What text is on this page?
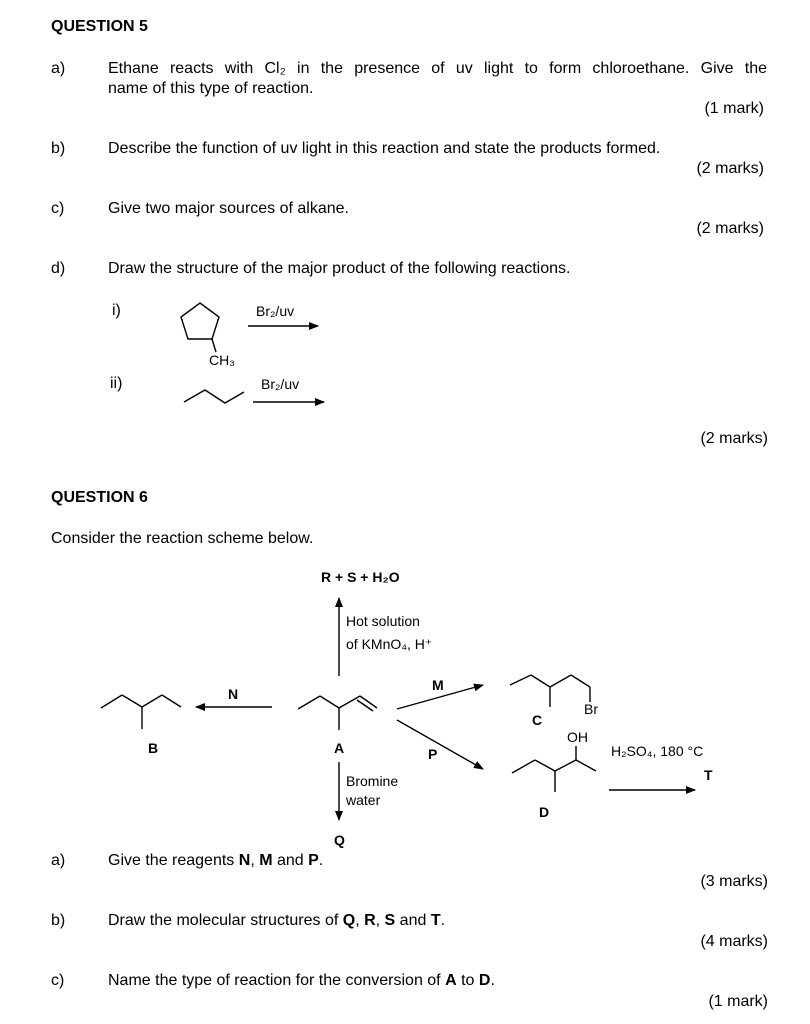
QUESTION 5
a)	Ethane reacts with Cl₂ in the presence of uv light to form chloroethane. Give the
name of this type of reaction.
(1 mark)
b)	Describe the function of uv light in this reaction and state the products formed.
(2 marks)
c)	Give two major sources of alkane.
(2 marks)
d)	Draw the structure of the major product of the following reactions.
i)	Br₂/uv
CH₃
ii)	Br₂/uv
(2 marks)
QUESTION 6
Consider the reaction scheme below.
R + S + H₂O
Hot solution
of KMnO₄, H⁺
N
M
P
B	A
C
Br
OH
H₂SO₄, 180 °C
T
Bromine
water
D
Q
a)	Give the reagents N, M and P.
(3 marks)
b)	Draw the molecular structures of Q, R, S and T.
(4 marks)
c)	Name the type of reaction for the conversion of A to D.
(1 mark)
